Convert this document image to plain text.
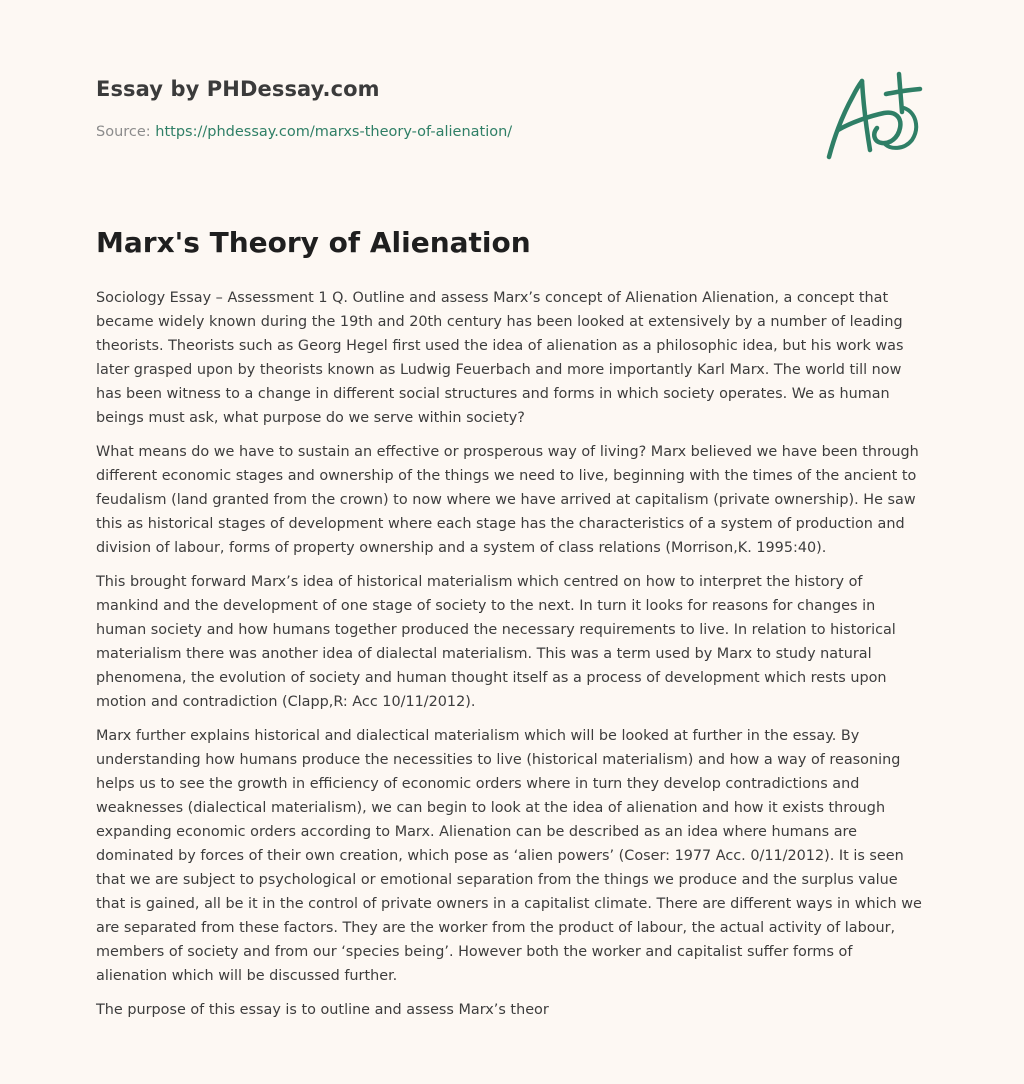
Essay by PHDessay.com
Source: https://phdessay.com/marxs-theory-of-alienation/
Marx's Theory of Alienation

Sociology Essay – Assessment 1 Q. Outline and assess Marx’s concept of Alienation Alienation, a concept that became widely known during the 19th and 20th century has been looked at extensively by a number of leading theorists. Theorists such as Georg Hegel first used the idea of alienation as a philosophic idea, but his work was later grasped upon by theorists known as Ludwig Feuerbach and more importantly Karl Marx. The world till now has been witness to a change in different social structures and forms in which society operates. We as human beings must ask, what purpose do we serve within society?

What means do we have to sustain an effective or prosperous way of living? Marx believed we have been through different economic stages and ownership of the things we need to live, beginning with the times of the ancient to feudalism (land granted from the crown) to now where we have arrived at capitalism (private ownership). He saw this as historical stages of development where each stage has the characteristics of a system of production and division of labour, forms of property ownership and a system of class relations (Morrison,K. 1995:40).

This brought forward Marx’s idea of historical materialism which centred on how to interpret the history of mankind and the development of one stage of society to the next. In turn it looks for reasons for changes in human society and how humans together produced the necessary requirements to live. In relation to historical materialism there was another idea of dialectal materialism. This was a term used by Marx to study natural phenomena, the evolution of society and human thought itself as a process of development which rests upon motion and contradiction (Clapp,R: Acc 10/11/2012).

Marx further explains historical and dialectical materialism which will be looked at further in the essay. By understanding how humans produce the necessities to live (historical materialism) and how a way of reasoning helps us to see the growth in efficiency of economic orders where in turn they develop contradictions and weaknesses (dialectical materialism), we can begin to look at the idea of alienation and how it exists through expanding economic orders according to Marx. Alienation can be described as an idea where humans are dominated by forces of their own creation, which pose as ‘alien powers’ (Coser: 1977 Acc. 0/11/2012). It is seen that we are subject to psychological or emotional separation from the things we produce and the surplus value that is gained, all be it in the control of private owners in a capitalist climate. There are different ways in which we are separated from these factors. They are the worker from the product of labour, the actual activity of labour, members of society and from our ‘species being’. However both the worker and capitalist suffer forms of alienation which will be discussed further.

The purpose of this essay is to outline and assess Marx’s theor
